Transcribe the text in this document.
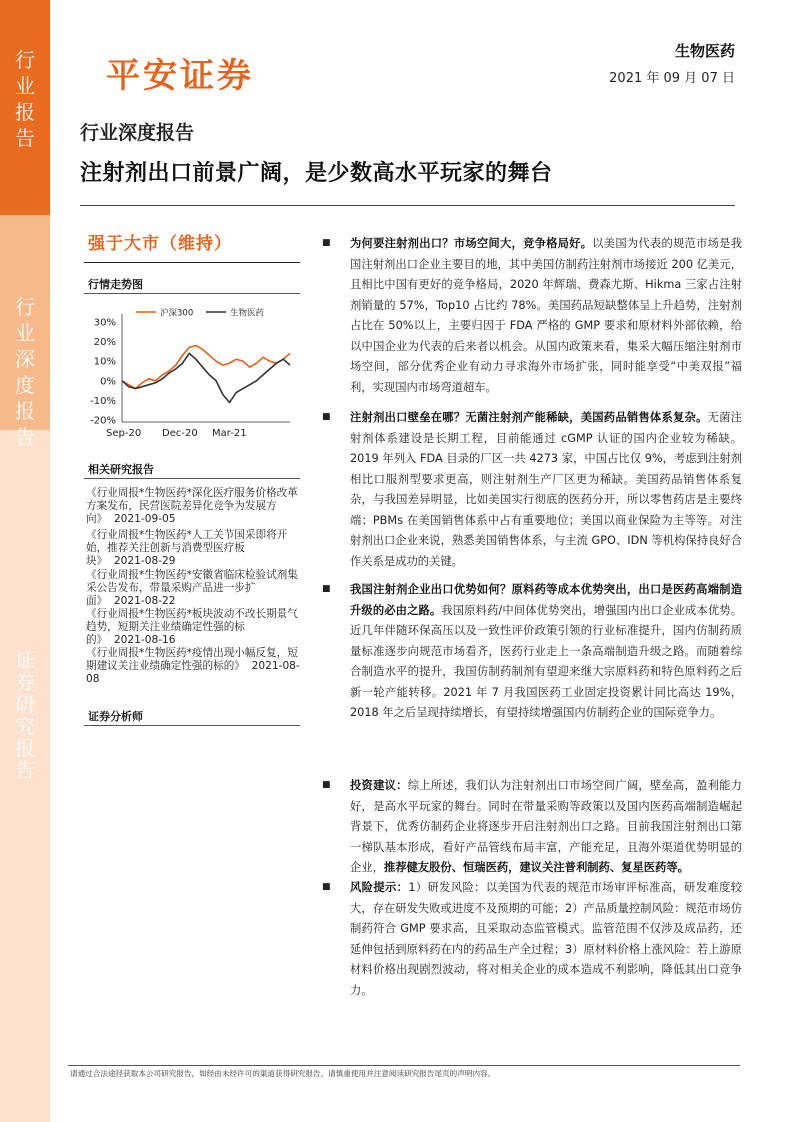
行
业
报
告
行
业
深
度
报
告
证
券
研
究
报
告
平安证券
生物医药
2021 年 09 月 07 日
行业深度报告
注射剂出口前景广阔，是少数高水平玩家的舞台
强于大市（维持）
行情走势图
30%
20%
10%
0%
-10%
-20%
Sep-20 Dec-20 Mar-21
沪深300	生物医药
相关研究报告
《行业周报*生物医药*深化医疗服务价格改革方案发布，民营医院差异化竞争为发展方向》 2021-09-05
《行业周报*生物医药*人工关节国采即将开始，推荐关注创新与消费型医疗板块》 2021-08-29
《行业周报*生物医药*安徽省临床检验试剂集采公告发布，带量采购产品进一步扩面》 2021-08-22
《行业周报*生物医药*板块波动不改长期景气趋势，短期关注业绩确定性强的标的》 2021-08-16
《行业周报*生物医药*疫情出现小幅反复，短期建议关注业绩确定性强的标的》 2021-08-08
证券分析师
■ 为何要注射剂出口？市场空间大，竞争格局好。以美国为代表的规范市场是我国注射剂出口企业主要目的地，其中美国仿制药注射剂市场接近 200 亿美元，且相比中国有更好的竞争格局，2020 年辉瑞、费森尤斯、Hikma 三家占注射剂销量的 57%，Top10 占比约 78%。美国药品短缺整体呈上升趋势，注射剂占比在 50%以上，主要归因于 FDA 严格的 GMP 要求和原材料外部依赖，给以中国企业为代表的后来者以机会。从国内政策来看，集采大幅压缩注射剂市场空间，部分优秀企业有动力寻求海外市场扩张，同时能享受“中美双报”福利，实现国内市场弯道超车。
■ 注射剂出口壁垒在哪？无菌注射剂产能稀缺，美国药品销售体系复杂。无菌注射剂体系建设是长期工程，目前能通过 cGMP 认证的国内企业较为稀缺。2019 年列入 FDA 目录的厂区一共 4273 家，中国占比仅 9%，考虑到注射剂相比口服剂型要求更高，则注射剂生产厂区更为稀缺。美国药品销售体系复杂，与我国差异明显，比如美国实行彻底的医药分开，所以零售药店是主要终端；PBMs 在美国销售体系中占有重要地位；美国以商业保险为主等等。对注射剂出口企业来说，熟悉美国销售体系，与主流 GPO、IDN 等机构保持良好合作关系是成功的关键。
■ 我国注射剂企业出口优势如何？原料药等成本优势突出，出口是医药高端制造升级的必由之路。我国原料药/中间体优势突出，增强国内出口企业成本优势。近几年伴随环保高压以及一致性评价政策引领的行业标准提升，国内仿制药质量标准逐步向规范市场看齐，医药行业走上一条高端制造升级之路。而随着综合制造水平的提升，我国仿制药制剂有望迎来继大宗原料药和特色原料药之后新一轮产能转移。2021 年 7 月我国医药工业固定投资累计同比高达 19%，2018 年之后呈现持续增长，有望持续增强国内仿制药企业的国际竞争力。
■ 投资建议：综上所述，我们认为注射剂出口市场空间广阔，壁垒高，盈利能力好，是高水平玩家的舞台。同时在带量采购等政策以及国内医药高端制造崛起背景下，优秀仿制药企业将逐步开启注射剂出口之路。目前我国注射剂出口第一梯队基本形成，看好产品管线布局丰富，产能充足，且海外渠道优势明显的企业，推荐健友股份、恒瑞医药，建议关注普利制药、复星医药等。
■ 风险提示：1）研发风险：以美国为代表的规范市场审评标准高，研发难度较大，存在研发失败或进度不及预期的可能；2）产品质量控制风险：规范市场仿制药符合 GMP 要求高，且采取动态监管模式。监管范围不仅涉及成品药，还延伸包括到原料药在内的药品生产全过程；3）原材料价格上涨风险：若上游原材料价格出现剧烈波动，将对相关企业的成本造成不利影响，降低其出口竞争力。
请通过合法途径获取本公司研究报告，如经由未经许可的渠道获得研究报告，请慎重使用并注意阅读研究报告尾页的声明内容。
